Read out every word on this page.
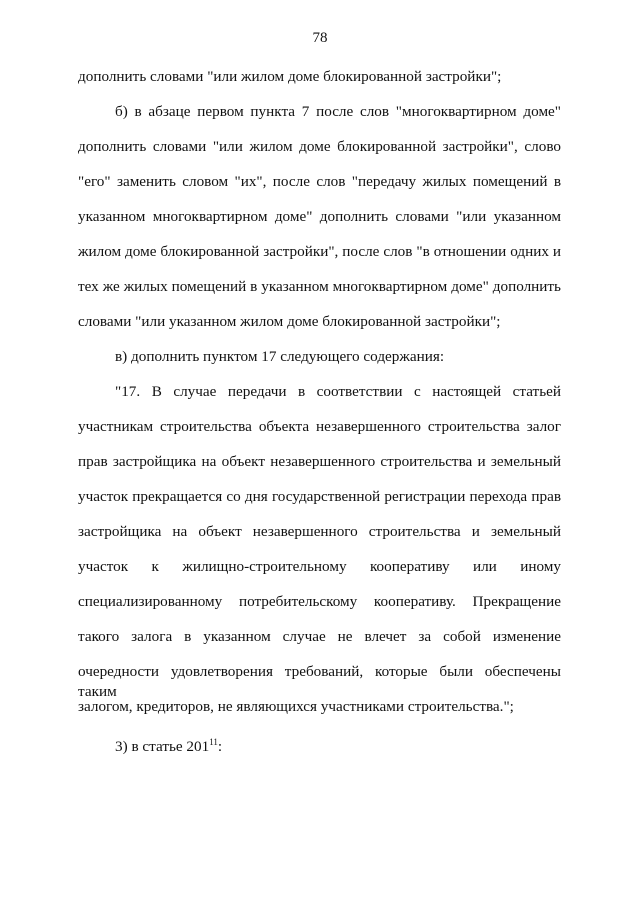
78
дополнить словами "или жилом доме блокированной застройки";
б) в абзаце первом пункта 7 после слов "многоквартирном доме"
дополнить словами "или жилом доме блокированной застройки", слово
"его" заменить словом "их", после слов "передачу жилых помещений в
указанном многоквартирном доме" дополнить словами "или указанном
жилом доме блокированной застройки", после слов "в отношении одних и
тех же жилых помещений в указанном многоквартирном доме" дополнить
словами "или указанном жилом доме блокированной застройки";
в) дополнить пунктом 17 следующего содержания:
"17. В случае передачи в соответствии с настоящей статьей
участникам строительства объекта незавершенного строительства залог
прав застройщика на объект незавершенного строительства и земельный
участок прекращается со дня государственной регистрации перехода прав
застройщика на объект незавершенного строительства и земельный
участок к жилищно-строительному кооперативу или иному
специализированному потребительскому кооперативу. Прекращение
такого залога в указанном случае не влечет за собой изменение
очередности удовлетворения требований, которые были обеспечены таким
залогом, кредиторов, не являющихся участниками строительства.";
3) в статье $201^{11}$:
